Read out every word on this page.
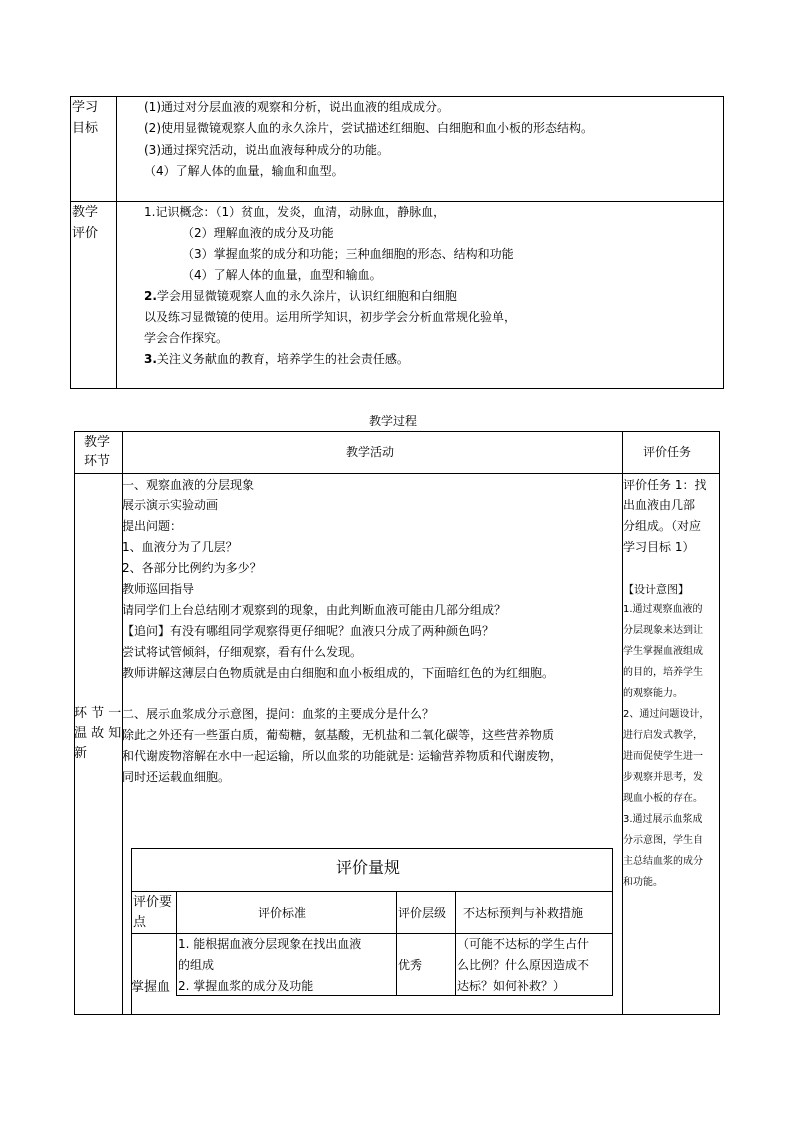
学习
目标
(1)通过对分层血液的观察和分析，说出血液的组成成分。
(2)使用显微镜观察人血的永久涂片，尝试描述红细胞、白细胞和血小板的形态结构。
(3)通过探究活动，说出血液每种成分的功能。
（4）了解人体的血量，输血和血型。
教学
评价
1.记识概念：（1）贫血，发炎，血清，动脉血，静脉血，
（2）理解血液的成分及功能
（3）掌握血浆的成分和功能；三种血细胞的形态、结构和功能
（4）了解人体的血量，血型和输血。
2.学会用显微镜观察人血的永久涂片，认识红细胞和白细胞
以及练习显微镜的使用。运用所学知识，初步学会分析血常规化验单，
学会合作探究。
3.关注义务献血的教育，培养学生的社会责任感。
教学过程
教学
环节
教学活动	评价任务
环 节 一
温 故 知
新
一、观察血液的分层现象
展示演示实验动画
提出问题：
1、血液分为了几层？
2、各部分比例约为多少？
教师巡回指导
请同学们上台总结刚才观察到的现象，由此判断血液可能由几部分组成？
【追问】有没有哪组同学观察得更仔细呢？血液只分成了两种颜色吗？
尝试将试管倾斜，仔细观察，看有什么发现。
教师讲解这薄层白色物质就是由白细胞和血小板组成的，下面暗红色的为红细胞。
二、展示血浆成分示意图，提问：血浆的主要成分是什么？
除此之外还有一些蛋白质，葡萄糖，氨基酸，无机盐和二氧化碳等，这些营养物质
和代谢废物溶解在水中一起运输，所以血浆的功能就是: 运输营养物质和代谢废物，
同时还运载血细胞。
评价任务 1：找
出血液由几部
分组成。（对应
学习目标 1）
【设计意图】
1.通过观察血液的
分层现象来达到让
学生掌握血液组成
的目的，培养学生
的观察能力。
2、通过问题设计，
进行启发式教学，
进而促使学生进一
步观察并思考，发
现血小板的存在。
3.通过展示血浆成
分示意图，学生自
主总结血浆的成分
和功能。
评价量规
评价要
点
评价标准	评价层级 不达标预判与补救措施
掌握血
1. 能根据血液分层现象在找出血液
的组成
2. 掌握血浆的成分及功能
优秀
（可能不达标的学生占什
么比例？什么原因造成不
达标？如何补救？）
